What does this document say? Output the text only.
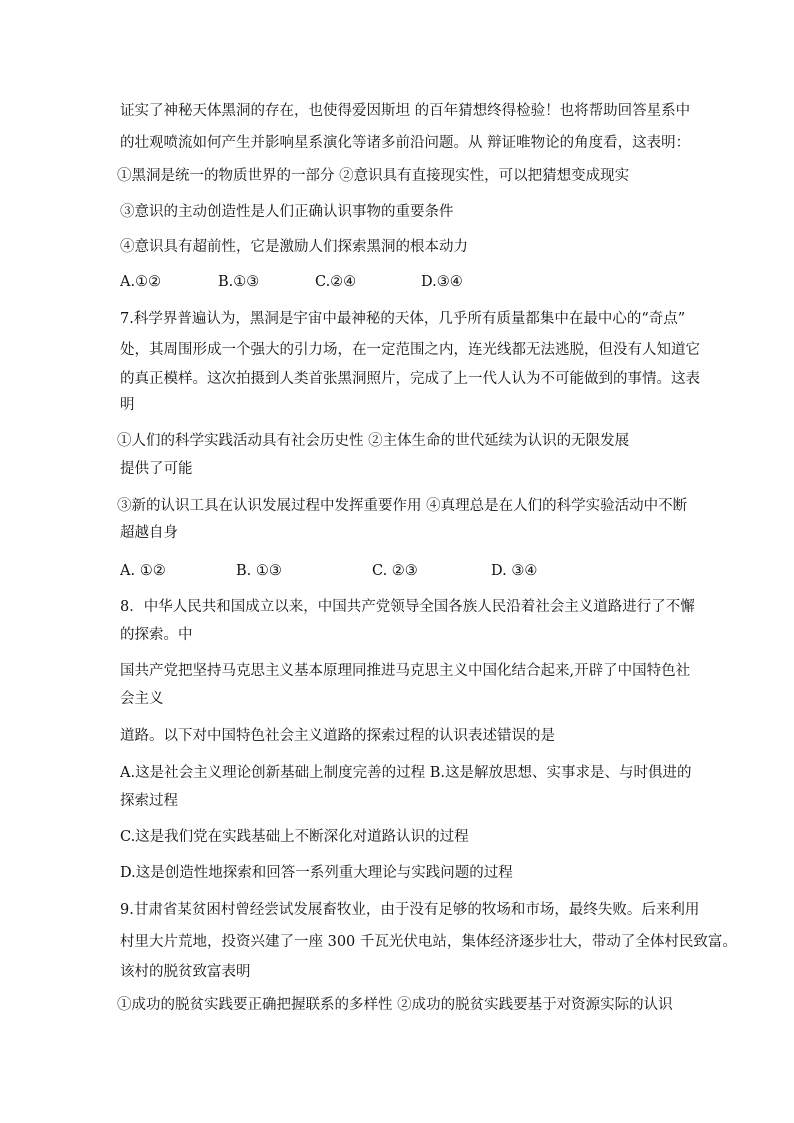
证实了神秘天体黑洞的存在，也使得爱因斯坦 的百年猜想终得检验！也将帮助回答星系中
的壮观喷流如何产生并影响星系演化等诸多前沿问题。从 辩证唯物论的角度看，这表明：
①黑洞是统一的物质世界的一部分 ②意识具有直接现实性，可以把猜想变成现实
③意识的主动创造性是人们正确认识事物的重要条件
④意识具有超前性，它是激励人们探索黑洞的根本动力
A.①②	B.①③	C.②④	D.③④
7.科学界普遍认为，黑洞是宇宙中最神秘的天体，几乎所有质量都集中在最中心的“奇点”
处，其周围形成一个强大的引力场，在一定范围之内，连光线都无法逃脱，但没有人知道它
的真正模样。这次拍摄到人类首张黑洞照片，完成了上一代人认为不可能做到的事情。这表
明
①人们的科学实践活动具有社会历史性 ②主体生命的世代延续为认识的无限发展
提供了可能
③新的认识工具在认识发展过程中发挥重要作用 ④真理总是在人们的科学实验活动中不断
超越自身
A. ①②	B. ①③	C. ②③	D. ③④
8．中华人民共和国成立以来，中国共产党领导全国各族人民沿着社会主义道路进行了不懈
的探索。中
国共产党把坚持马克思主义基本原理同推进马克思主义中国化结合起来,开辟了中国特色社
会主义
道路。以下对中国特色社会主义道路的探索过程的认识表述错误的是
A.这是社会主义理论创新基础上制度完善的过程 B.这是解放思想、实事求是、与时俱进的
探索过程
C.这是我们党在实践基础上不断深化对道路认识的过程
D.这是创造性地探索和回答一系列重大理论与实践问题的过程
9.甘肃省某贫困村曾经尝试发展畜牧业，由于没有足够的牧场和市场，最终失败。后来利用
村里大片荒地，投资兴建了一座 300 千瓦光伏电站，集体经济逐步壮大，带动了全体村民致富。
该村的脱贫致富表明
①成功的脱贫实践要正确把握联系的多样性 ②成功的脱贫实践要基于对资源实际的认识
